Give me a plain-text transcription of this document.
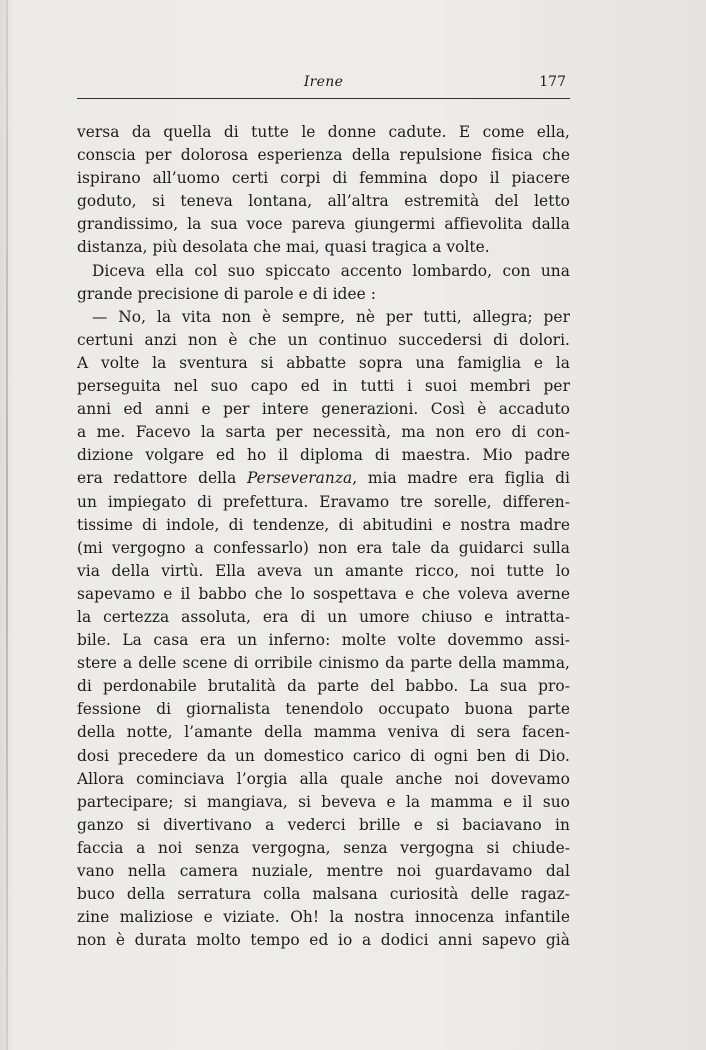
Irene	177
versa da quella di tutte le donne cadute. E come ella,
conscia per dolorosa esperienza della repulsione fisica che
ispirano all’uomo certi corpi di femmina dopo il piacere
goduto, si teneva lontana, all’altra estremità del letto
grandissimo, la sua voce pareva giungermi affievolita dalla
distanza, più desolata che mai, quasi tragica a volte.
Diceva ella col suo spiccato accento lombardo, con una
grande precisione di parole e di idee :
— No, la vita non è sempre, nè per tutti, allegra; per
certuni anzi non è che un continuo succedersi di dolori.
A volte la sventura si abbatte sopra una famiglia e la
perseguita nel suo capo ed in tutti i suoi membri per
anni ed anni e per intere generazioni. Così è accaduto
a me. Facevo la sarta per necessità, ma non ero di con-
dizione volgare ed ho il diploma di maestra. Mio padre
era redattore della Perseveranza, mia madre era figlia di
un impiegato di prefettura. Eravamo tre sorelle, differen-
tissime di indole, di tendenze, di abitudini e nostra madre
(mi vergogno a confessarlo) non era tale da guidarci sulla
via della virtù. Ella aveva un amante ricco, noi tutte lo
sapevamo e il babbo che lo sospettava e che voleva averne
la certezza assoluta, era di un umore chiuso e intratta-
bile. La casa era un inferno: molte volte dovemmo assi-
stere a delle scene di orribile cinismo da parte della mamma,
di perdonabile brutalità da parte del babbo. La sua pro-
fessione di giornalista tenendolo occupato buona parte
della notte, l’amante della mamma veniva di sera facen-
dosi precedere da un domestico carico di ogni ben di Dio.
Allora cominciava l’orgia alla quale anche noi dovevamo
partecipare; si mangiava, si beveva e la mamma e il suo
ganzo si divertivano a vederci brille e si baciavano in
faccia a noi senza vergogna, senza vergogna si chiude-
vano nella camera nuziale, mentre noi guardavamo dal
buco della serratura colla malsana curiosità delle ragaz-
zine maliziose e viziate. Oh! la nostra innocenza infantile
non è durata molto tempo ed io a dodici anni sapevo già
